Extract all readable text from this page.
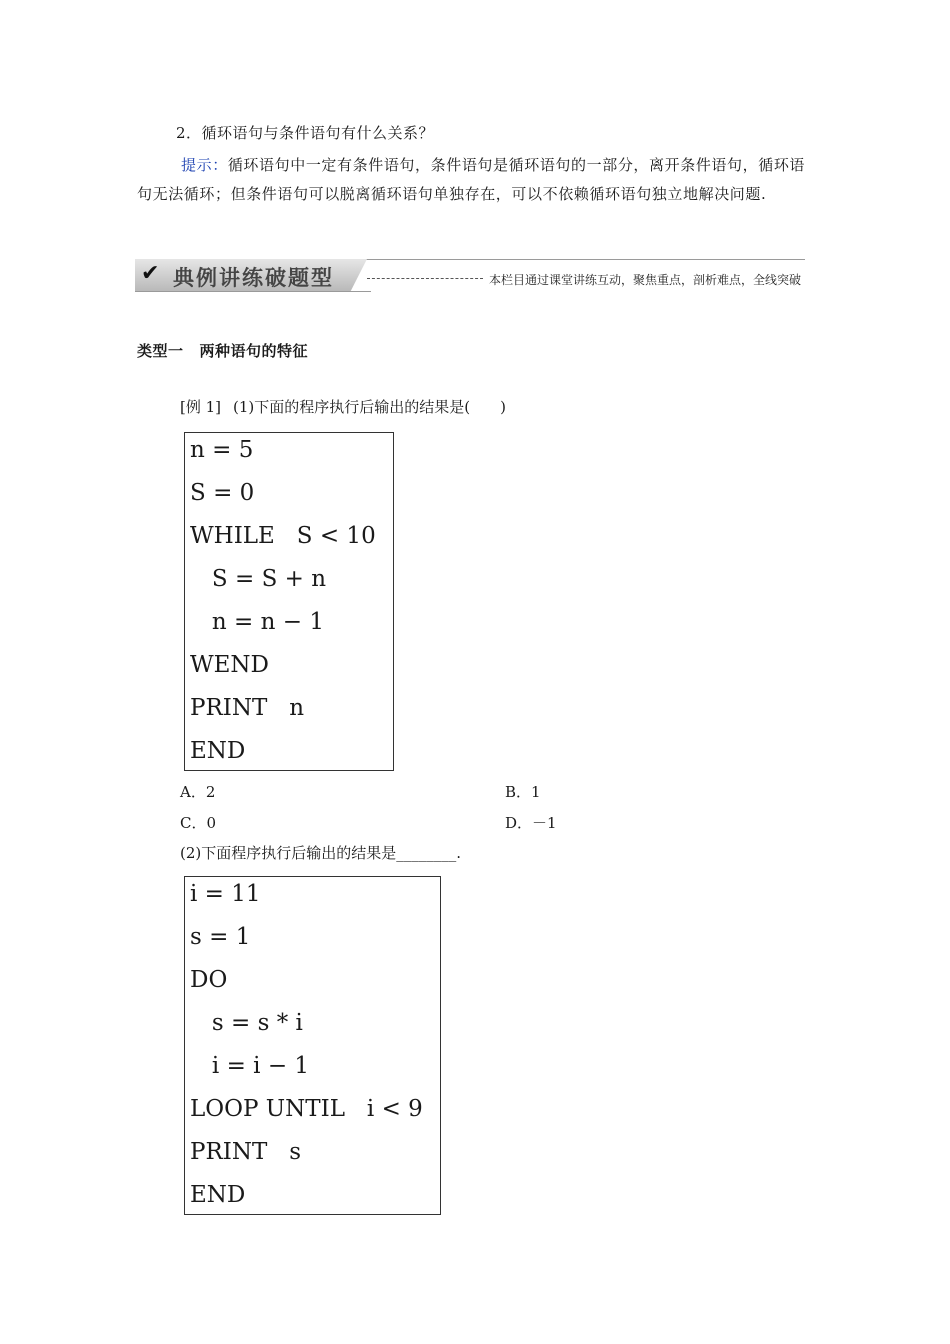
2．循环语句与条件语句有什么关系？
提示：循环语句中一定有条件语句，条件语句是循环语句的一部分，离开条件语句，循环语句无法循环；但条件语句可以脱离循环语句单独存在，可以不依赖循环语句独立地解决问题.
✔ 典例讲练破题型	本栏目通过课堂讲练互动，聚焦重点，剖析难点，全线突破
类型一 两种语句的特征
[例 1] (1)下面的程序执行后输出的结果是(　　)
n = 5
S = 0
WHILE   S < 10
S = S + n
n = n − 1
WEND
PRINT   n
END
A．2	B．1
C．0	D．－1
(2)下面程序执行后输出的结果是________.
i = 11
s = 1
DO
s = s * i
i = i − 1
LOOP UNTIL   i < 9
PRINT   s
END
